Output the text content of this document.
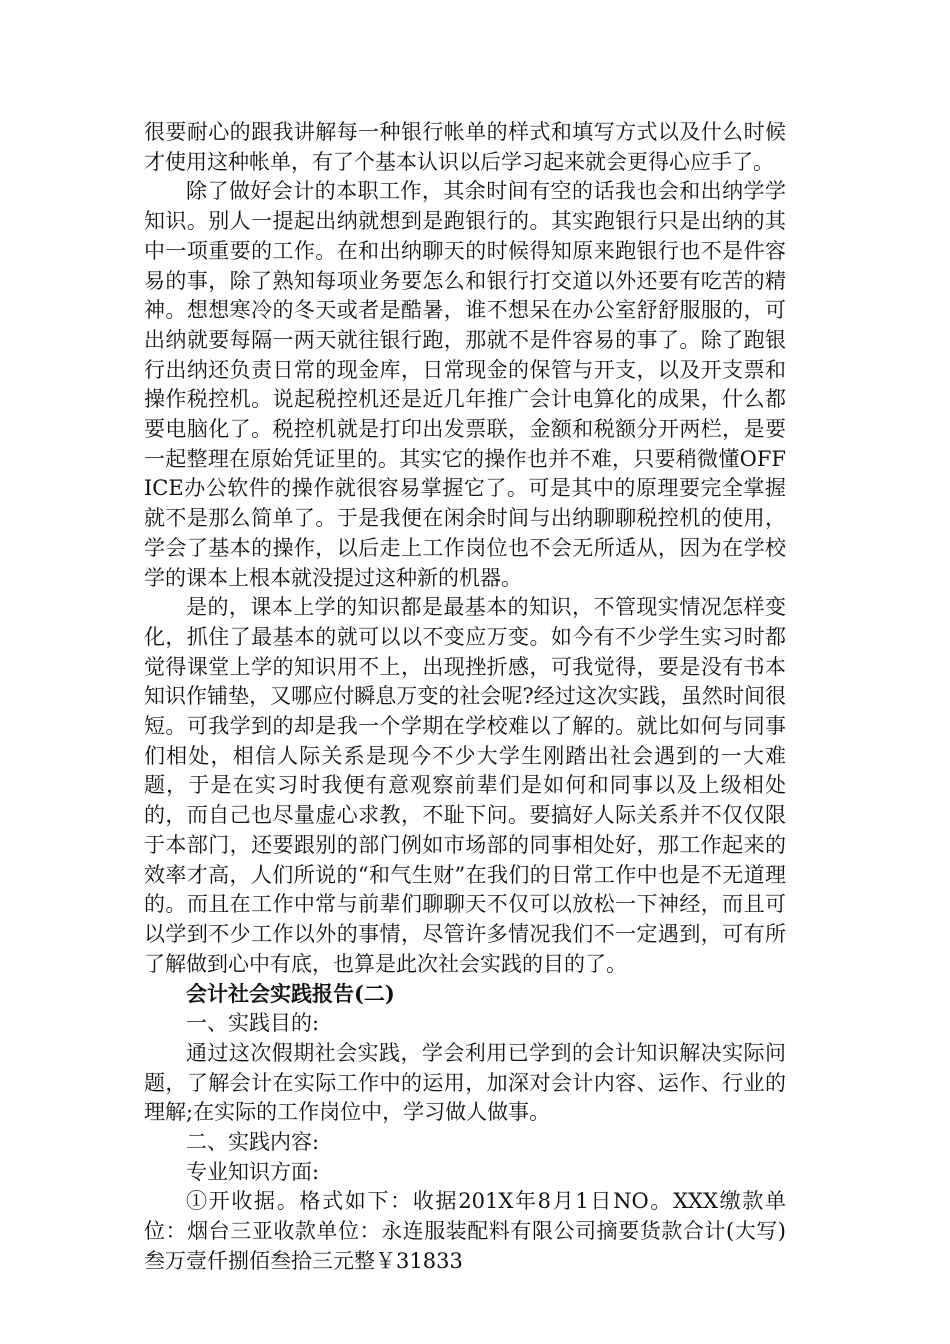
很要耐心的跟我讲解每一种银行帐单的样式和填写方式以及什么时候才使用这种帐单，有了个基本认识以后学习起来就会更得心应手了。

除了做好会计的本职工作，其余时间有空的话我也会和出纳学学知识。别人一提起出纳就想到是跑银行的。其实跑银行只是出纳的其中一项重要的工作。在和出纳聊天的时候得知原来跑银行也不是件容易的事，除了熟知每项业务要怎么和银行打交道以外还要有吃苦的精神。想想寒冷的冬天或者是酷暑，谁不想呆在办公室舒舒服服的，可出纳就要每隔一两天就往银行跑，那就不是件容易的事了。除了跑银行出纳还负责日常的现金库，日常现金的保管与开支，以及开支票和操作税控机。说起税控机还是近几年推广会计电算化的成果，什么都要电脑化了。税控机就是打印出发票联，金额和税额分开两栏，是要一起整理在原始凭证里的。其实它的操作也并不难，只要稍微懂OFFICE办公软件的操作就很容易掌握它了。可是其中的原理要完全掌握就不是那么简单了。于是我便在闲余时间与出纳聊聊税控机的使用，学会了基本的操作，以后走上工作岗位也不会无所适从，因为在学校学的课本上根本就没提过这种新的机器。

是的，课本上学的知识都是最基本的知识，不管现实情况怎样变化，抓住了最基本的就可以以不变应万变。如今有不少学生实习时都觉得课堂上学的知识用不上，出现挫折感，可我觉得，要是没有书本知识作铺垫，又哪应付瞬息万变的社会呢?经过这次实践，虽然时间很短。可我学到的却是我一个学期在学校难以了解的。就比如何与同事们相处，相信人际关系是现今不少大学生刚踏出社会遇到的一大难题，于是在实习时我便有意观察前辈们是如何和同事以及上级相处的，而自己也尽量虚心求教，不耻下问。要搞好人际关系并不仅仅限于本部门，还要跟别的部门例如市场部的同事相处好，那工作起来的效率才高，人们所说的“和气生财”在我们的日常工作中也是不无道理的。而且在工作中常与前辈们聊聊天不仅可以放松一下神经，而且可以学到不少工作以外的事情，尽管许多情况我们不一定遇到，可有所了解做到心中有底，也算是此次社会实践的目的了。

会计社会实践报告(二)

一、实践目的:

通过这次假期社会实践，学会利用已学到的会计知识解决实际问题，了解会计在实际工作中的运用，加深对会计内容、运作、行业的理解;在实际的工作岗位中，学习做人做事。

二、实践内容:

专业知识方面:

①开收据。格式如下：收据201X年8月1日NO。XXX缴款单位：烟台三亚收款单位：永连服装配料有限公司摘要货款合计(大写)叁万壹仟捌佰叁拾三元整￥31833
